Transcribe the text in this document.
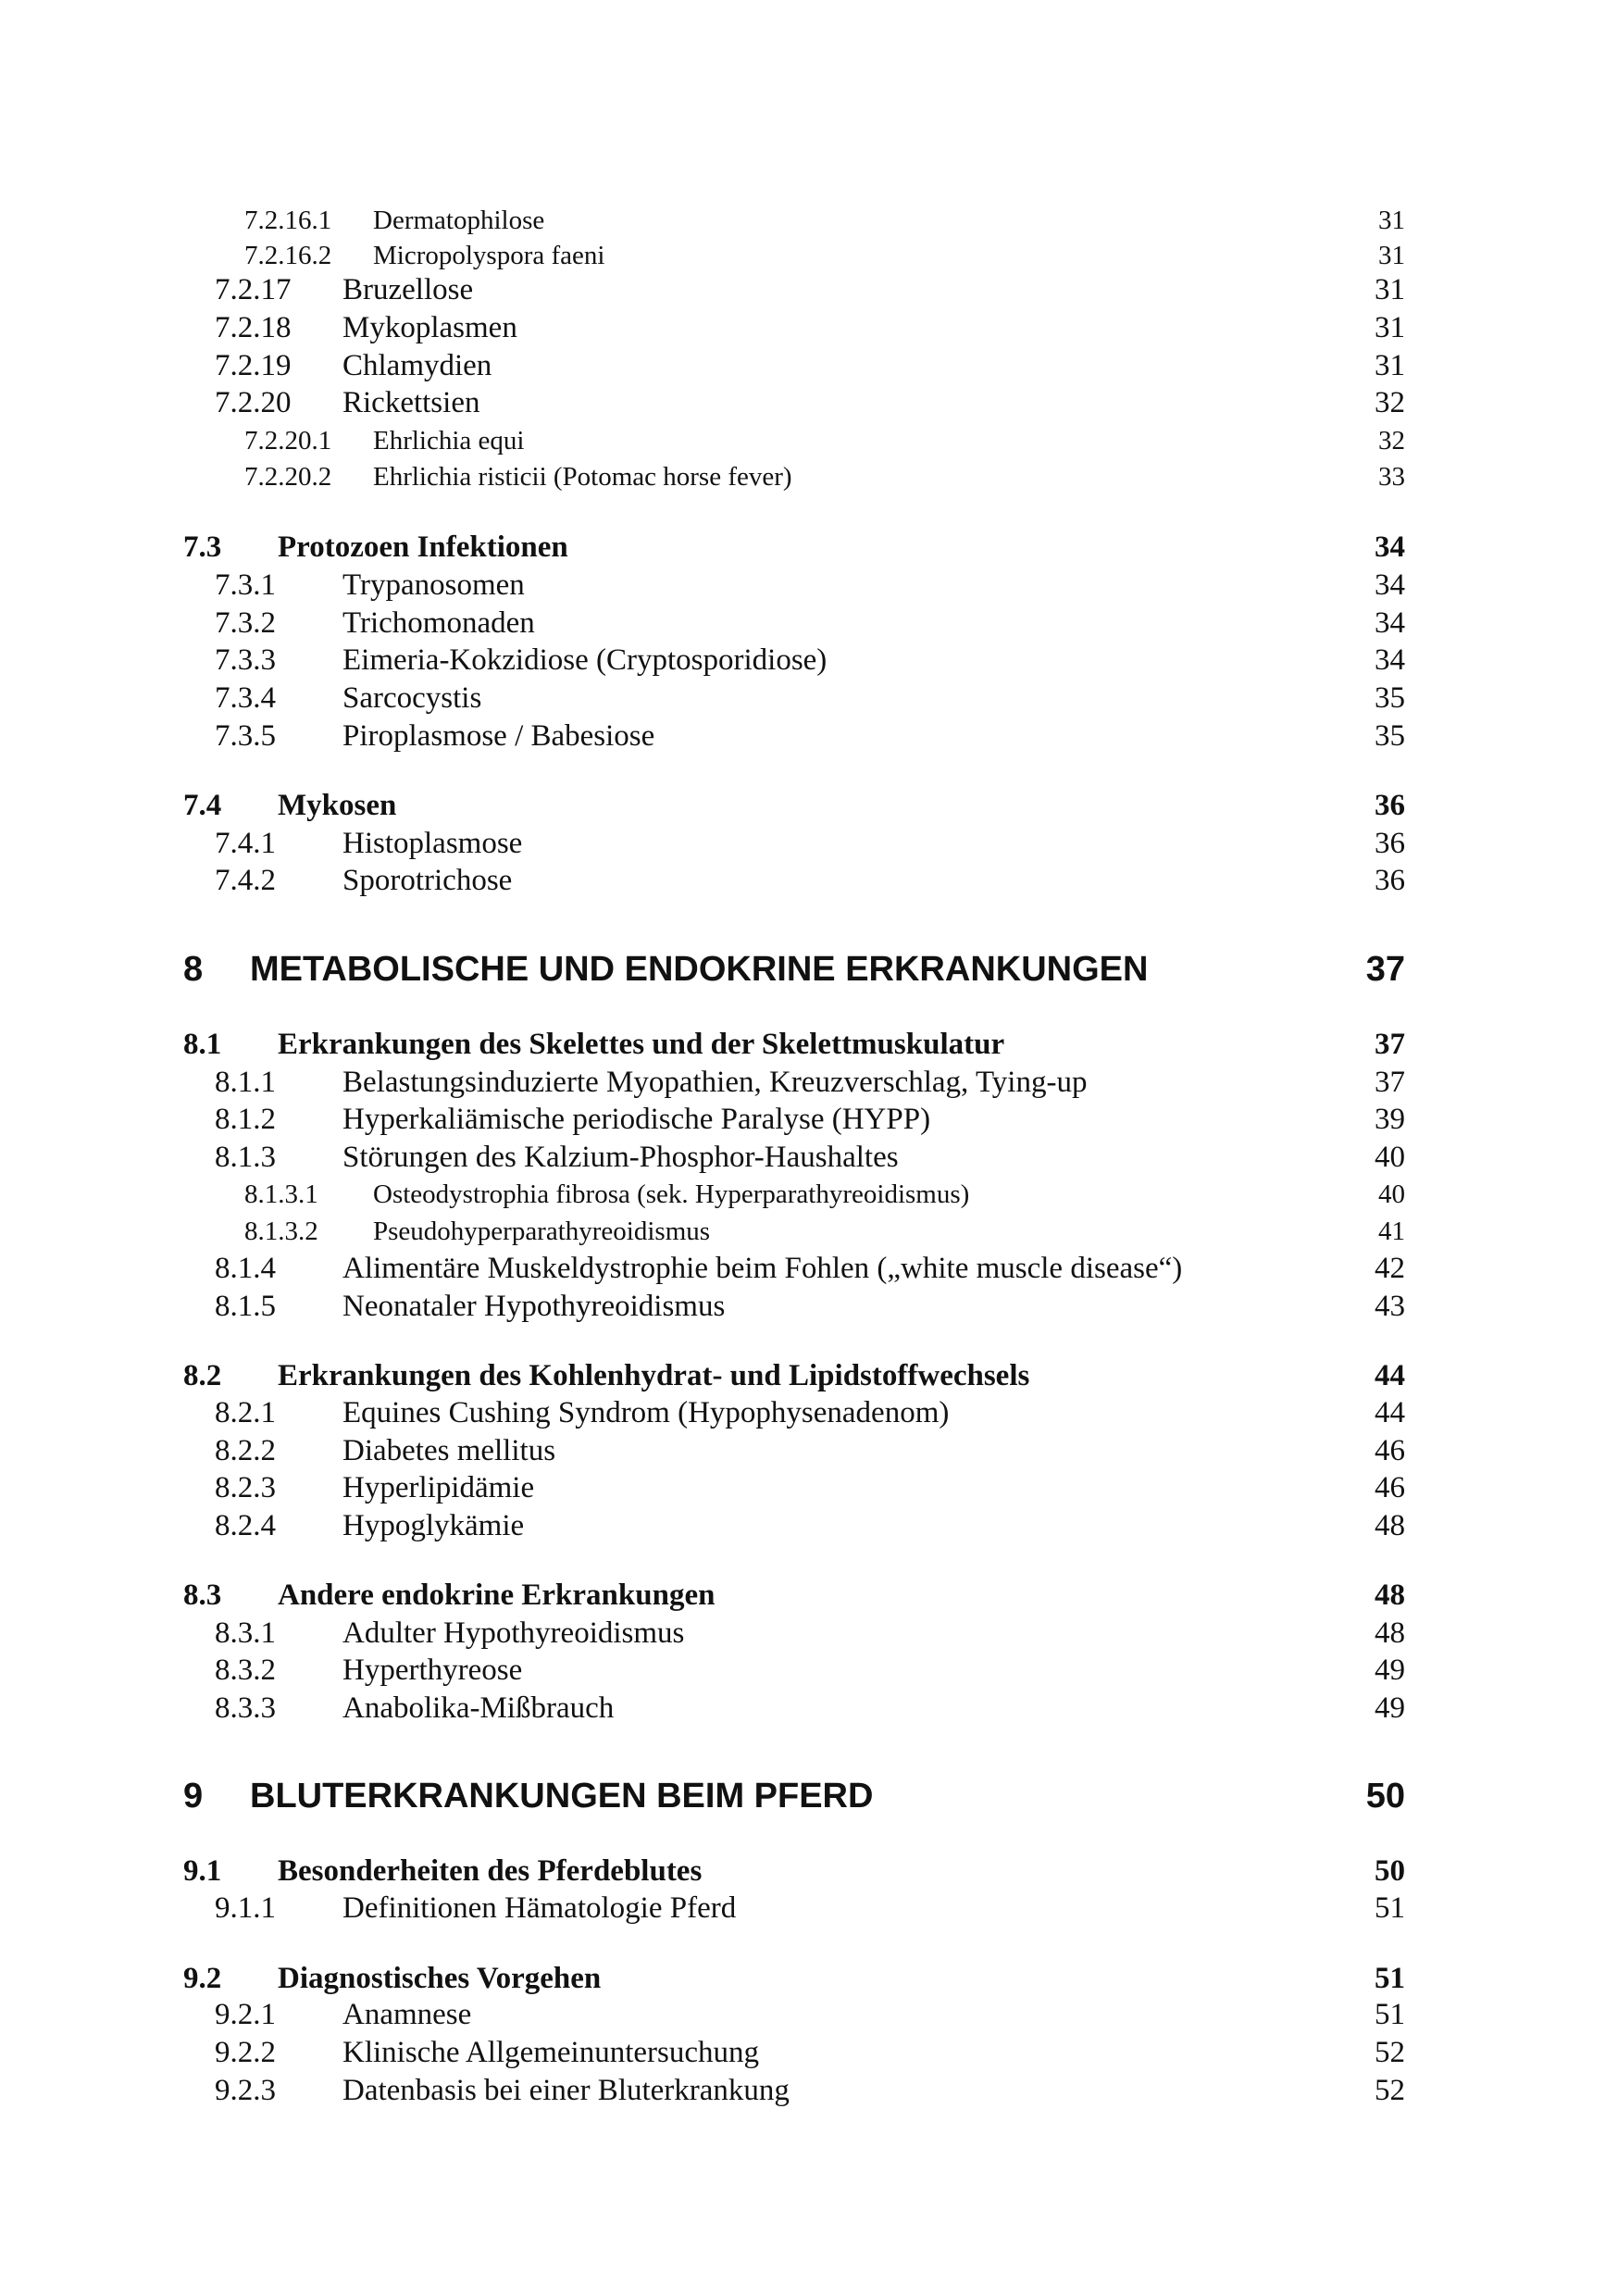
7.2.16.1 Dermatophilose	31
7.2.16.2 Micropolyspora faeni	31
7.2.17 Bruzellose	31
7.2.18 Mykoplasmen	31
7.2.19 Chlamydien	31
7.2.20 Rickettsien	32
7.2.20.1 Ehrlichia equi	32
7.2.20.2 Ehrlichia risticii (Potomac horse fever)	33
7.3 Protozoen Infektionen	34
7.3.1 Trypanosomen	34
7.3.2 Trichomonaden	34
7.3.3 Eimeria-Kokzidiose (Cryptosporidiose)	34
7.3.4 Sarcocystis	35
7.3.5 Piroplasmose / Babesiose	35
7.4 Mykosen	36
7.4.1 Histoplasmose	36
7.4.2 Sporotrichose	36
8 METABOLISCHE UND ENDOKRINE ERKRANKUNGEN	37
8.1 Erkrankungen des Skelettes und der Skelettmuskulatur	37
8.1.1 Belastungsinduzierte Myopathien, Kreuzverschlag, Tying-up	37
8.1.2 Hyperkaliämische periodische Paralyse (HYPP)	39
8.1.3 Störungen des Kalzium-Phosphor-Haushaltes	40
8.1.3.1 Osteodystrophia fibrosa (sek. Hyperparathyreoidismus)	40
8.1.3.2 Pseudohyperparathyreoidismus	41
8.1.4 Alimentäre Muskeldystrophie beim Fohlen („white muscle disease“)	42
8.1.5 Neonataler Hypothyreoidismus	43
8.2 Erkrankungen des Kohlenhydrat- und Lipidstoffwechsels	44
8.2.1 Equines Cushing Syndrom (Hypophysenadenom)	44
8.2.2 Diabetes mellitus	46
8.2.3 Hyperlipidämie	46
8.2.4 Hypoglykämie	48
8.3 Andere endokrine Erkrankungen	48
8.3.1 Adulter Hypothyreoidismus	48
8.3.2 Hyperthyreose	49
8.3.3 Anabolika-Mißbrauch	49
9 BLUTERKRANKUNGEN BEIM PFERD	50
9.1 Besonderheiten des Pferdeblutes	50
9.1.1 Definitionen Hämatologie Pferd	51
9.2 Diagnostisches Vorgehen	51
9.2.1 Anamnese	51
9.2.2 Klinische Allgemeinuntersuchung	52
9.2.3 Datenbasis bei einer Bluterkrankung	52
